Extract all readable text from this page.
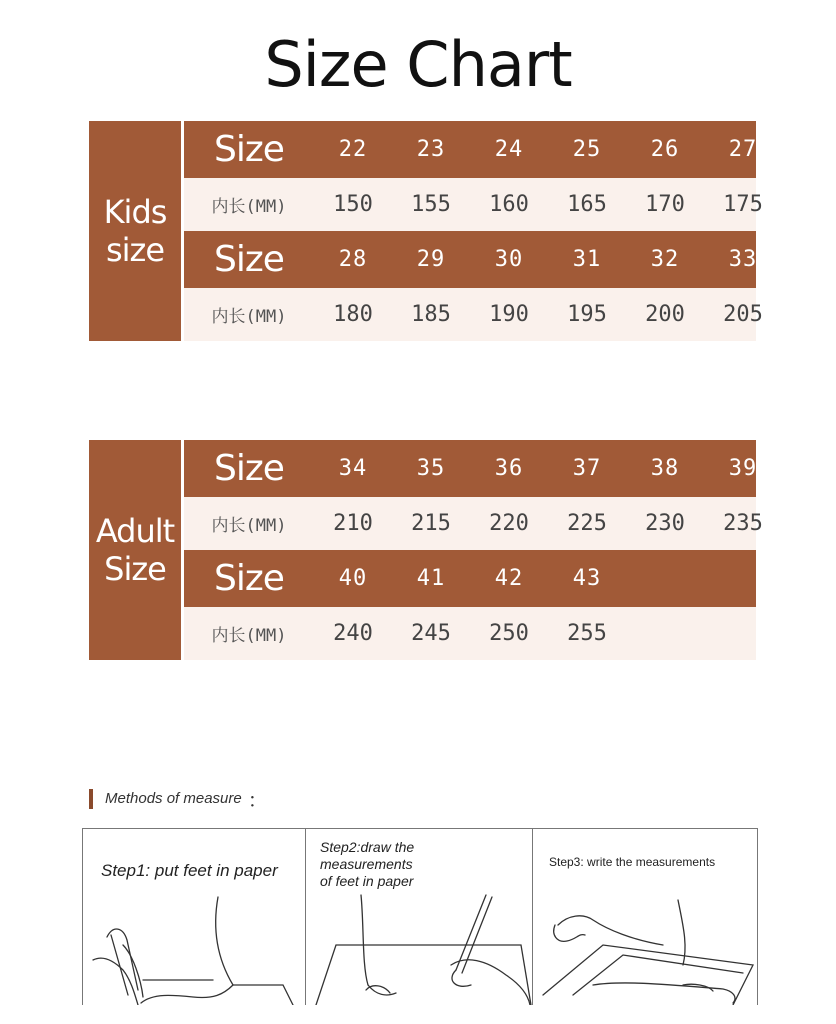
Size Chart
Kids
size
Size	22	23	24	25	26	27
内长(MM)	150	155	160	165	170	175
Size	28	29	30	31	32	33
内长(MM)	180	185	190	195	200	205
Adult
Size
Size	34	35	36	37	38	39
内长(MM)	210	215	220	225	230	235
Size	40	41	42	43
内长(MM)	240	245	250	255
Methods of measure ：
Step1: put feet in paper
Step2:draw the
measurements
of feet in paper
Step3: write the measurements
